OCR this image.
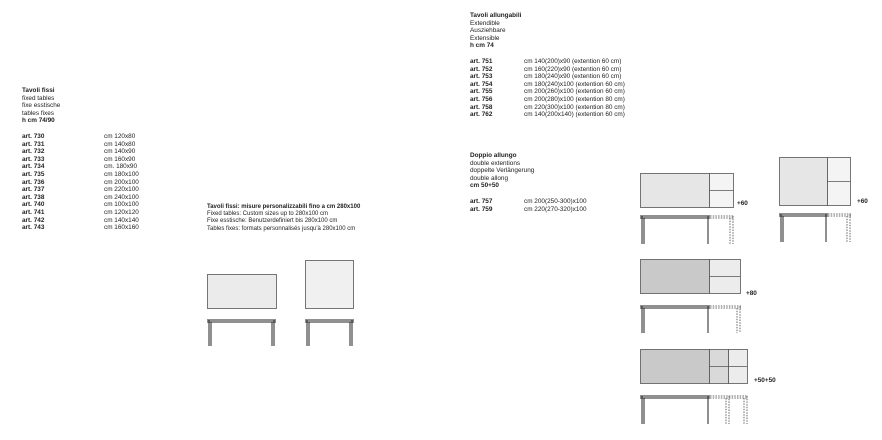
Tavoli fissi
fixed tables
fixe esstische
tables fixes
h cm 74/90
art. 730	cm 120x80
art. 731	cm 140x80
art. 732	cm 140x90
art. 733	cm 160x90
art. 734	cm. 180x90
art. 735	cm 180x100
art. 736	cm 200x100
art. 737	cm 220x100
art. 738	cm 240x100
art. 740	cm 100x100
art. 741	cm 120x120
art. 742	cm 140x140
art. 743	cm 160x160
Tavoli fissi: misure personalizzabili fino a cm 280x100
Fixed tables: Custom sizes up to 280x100 cm
Fixe esstische: Benutzerdefiniert bis 280x100 cm
Tables fixes: formats personnalisés jusqu'à 280x100 cm
Tavoli allungabili
Extendible
Ausziehbare
Extensible
h cm 74
art. 751	cm 140(200)x90 (extention 60 cm)
art. 752	cm 160(220)x90 (extention 60 cm)
art. 753	cm 180(240)x90 (extention 60 cm)
art. 754	cm 180(240)x100 (extention 60 cm)
art. 755	cm 200(260)x100 (extention 60 cm)
art. 756	cm 200(280)x100 (extention 80 cm)
art. 758	cm 220(300)x100 (extention 80 cm)
art. 762	cm 140(200x140) (extention 60 cm)
Doppio allungo
double extentions
doppelte Verlängerung
double allong
cm 50+50
art. 757	cm 200(250-300)x100
art. 759	cm 220(270-320)x100
+60	+60
+80
+50+50
